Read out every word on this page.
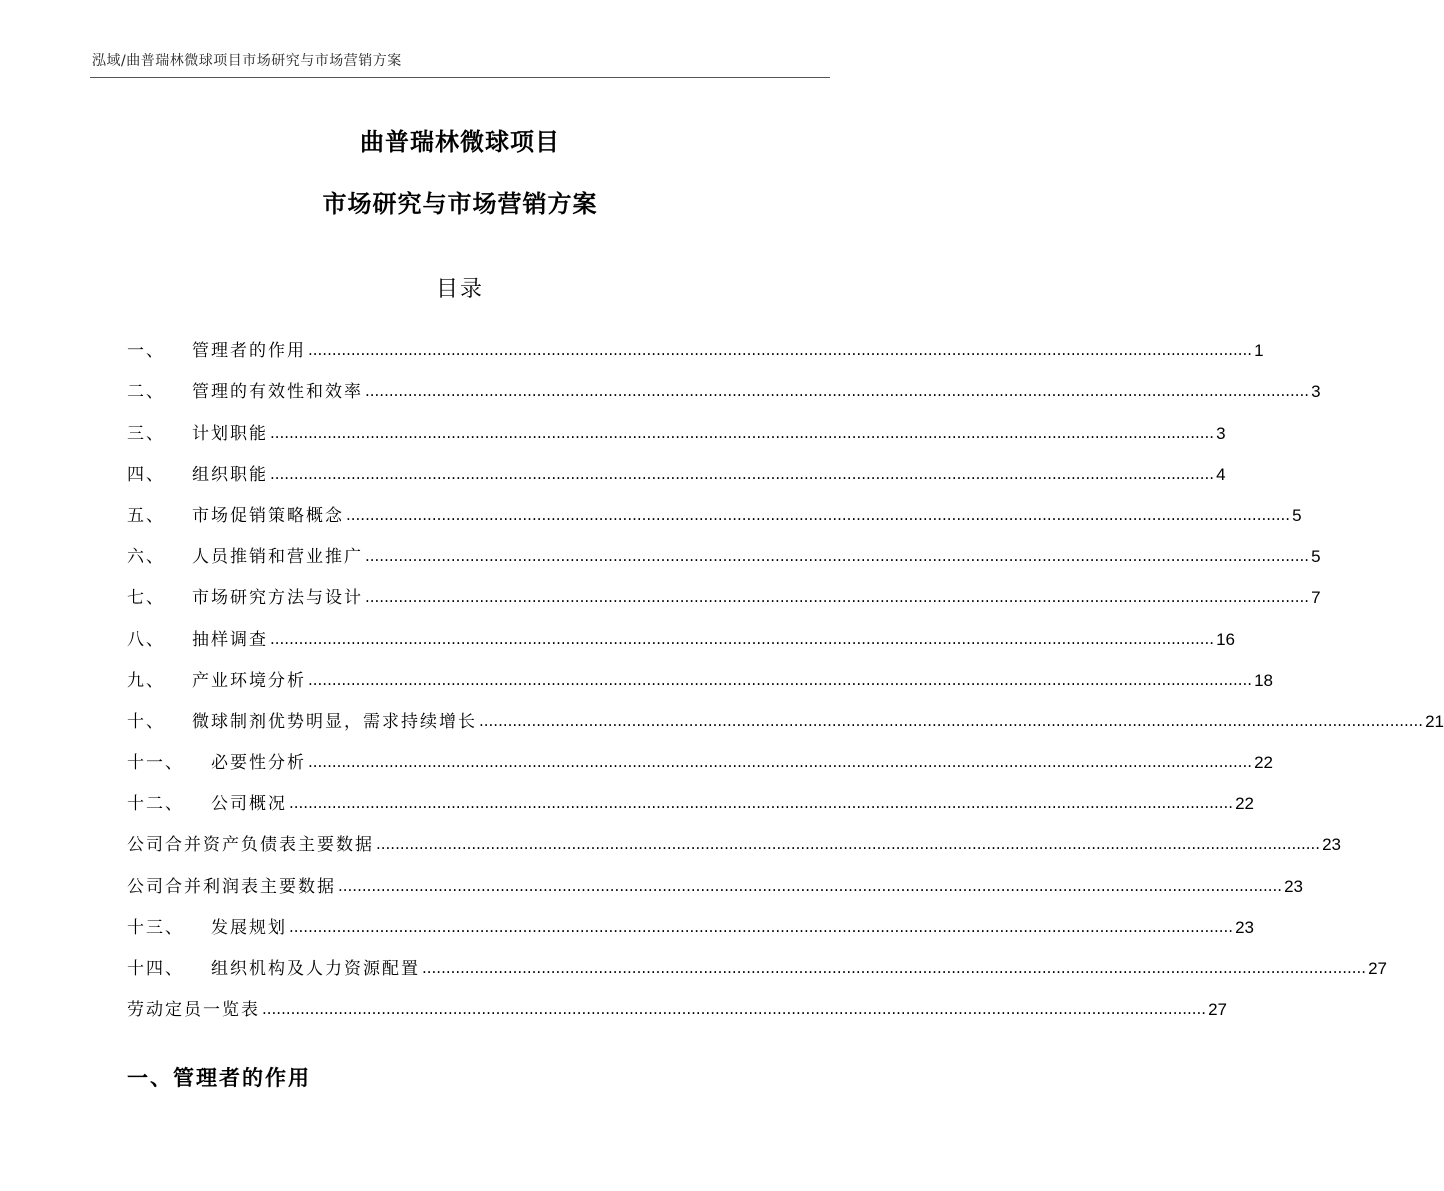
泓域/曲普瑞林微球项目市场研究与市场营销方案
曲普瑞林微球项目
市场研究与市场营销方案
目录
一、 管理者的作用 ...................................................................................................................................................................................................... 1
二、 管理的有效性和效率 ...................................................................................................................................................................................................... 3
三、 计划职能 ...................................................................................................................................................................................................... 3
四、 组织职能 ...................................................................................................................................................................................................... 4
五、 市场促销策略概念 ...................................................................................................................................................................................................... 5
六、 人员推销和营业推广 ...................................................................................................................................................................................................... 5
七、 市场研究方法与设计 ...................................................................................................................................................................................................... 7
八、 抽样调查 ...................................................................................................................................................................................................... 16
九、 产业环境分析 ...................................................................................................................................................................................................... 18
十、 微球制剂优势明显，需求持续增长 ...................................................................................................................................................................................................... 21
十一、 必要性分析 ...................................................................................................................................................................................................... 22
十二、 公司概况 ...................................................................................................................................................................................................... 22
公司合并资产负债表主要数据 ...................................................................................................................................................................................................... 23
公司合并利润表主要数据 ...................................................................................................................................................................................................... 23
十三、 发展规划 ...................................................................................................................................................................................................... 23
十四、 组织机构及人力资源配置 ...................................................................................................................................................................................................... 27
劳动定员一览表 ...................................................................................................................................................................................................... 27
一、管理者的作用
